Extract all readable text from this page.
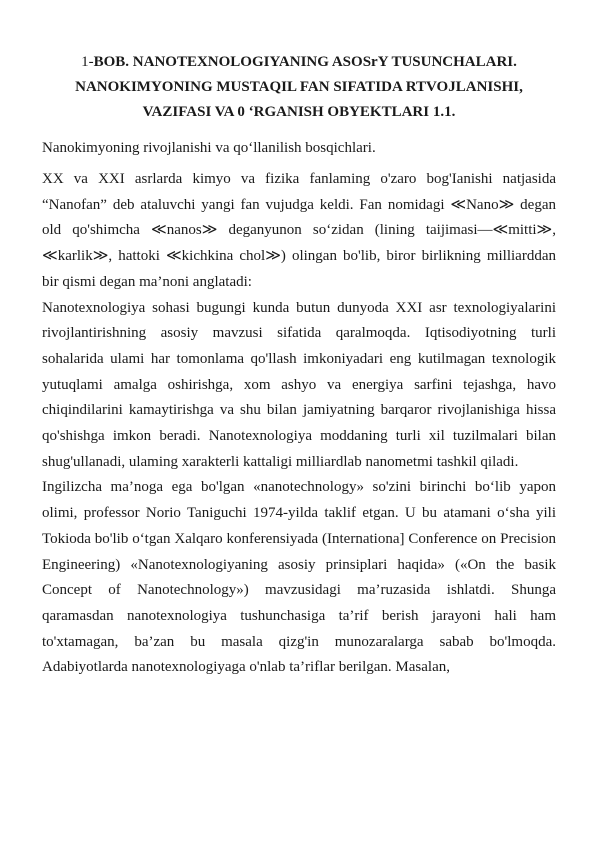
1-BOB. NANOTEXNOLOGIYANING ASOSrY TUSUNCHALARI.
NANOKIMYONING MUSTAQIL FAN SIFATIDA RTVOJLANISHI,
VAZIFASI VA 0 ‘RGANISH OBYEKTLARI 1.1.

Nanokimyoning rivojlanishi va qo‘llanilish bosqichlari.

XX va XXI asrlarda kimyo va fizika fanlaming o'zaro bog'Ianishi natjasida “Nanofan” deb ataluvchi yangi fan vujudga keldi. Fan nomidagi ≪Nano≫ degan old qo'shimcha ≪nanos≫ deganyunon so‘zidan (lining taijimasi—≪mitti≫, ≪karlik≫, hattoki ≪kichkina chol≫) olingan bo'lib, biror birlikning milliarddan bir qismi degan ma’noni anglatadi:

Nanotexnologiya sohasi bugungi kunda butun dunyoda XXI asr texnologiyalarini rivojlantirishning asosiy mavzusi sifatida qaralmoqda. Iqtisodiyotning turli sohalarida ulami har tomonlama qo'llash imkoniyadari eng kutilmagan texnologik yutuqlami amalga oshirishga, xom ashyo va energiya sarfini tejashga, havo chiqindilarini kamaytirishga va shu bilan jamiyatning barqaror rivojlanishiga hissa qo'shishga imkon beradi. Nanotexnologiya moddaning turli xil tuzilmalari bilan shug'ullanadi, ulaming xarakterli kattaligi milliardlab nanometmi tashkil qiladi.

Ingilizcha ma’noga ega bo'lgan «nanotechnology» so'zini birinchi bo‘lib yapon olimi, professor Norio Taniguchi 1974-yilda taklif etgan. U bu atamani o‘sha yili Tokioda bo'lib o‘tgan Xalqaro konferensiyada (Internationa] Conference on Precision Engineering) «Nanotexnologiyaning asosiy prinsiplari haqida» («On the basik Concept of Nanotechnology») mavzusidagi ma’ruzasida ishlatdi. Shunga qaramasdan nanotexnologiya tushunchasiga ta’rif berish jarayoni hali ham to'xtamagan, ba’zan bu masala qizg'in munozaralarga sabab bo'lmoqda. Adabiyotlarda nanotexnologiyaga o'nlab ta’riflar berilgan. Masalan,
